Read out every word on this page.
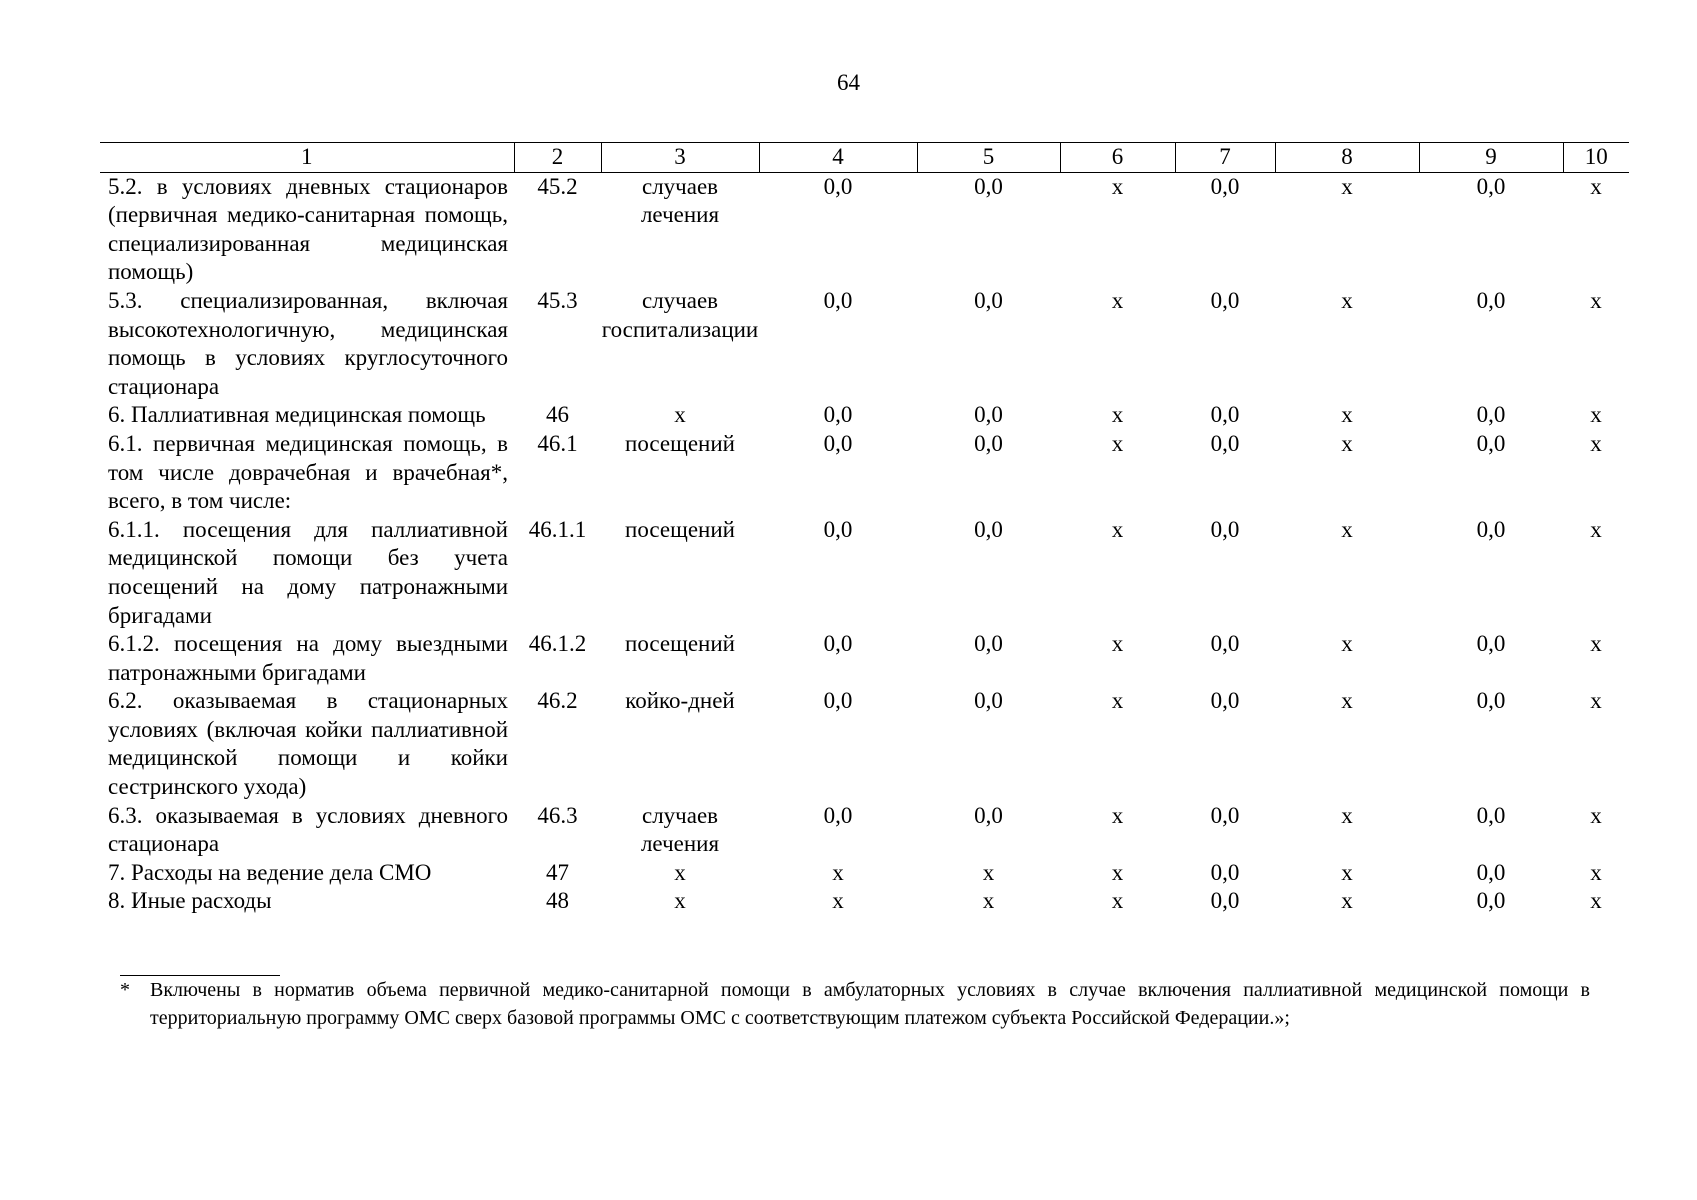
64
1	2	3	4	5	6	7	8	9	10
5.2. в условиях дневных стационаров (первичная медико-санитарная помощь, специализированная медицинская помощь)	45.2	случаев лечения	0,0	0,0	х	0,0	х	0,0	х
5.3. специализированная, включая высокотехнологичную, медицинская помощь в условиях круглосуточного стационара	45.3	случаев госпитализации	0,0	0,0	х	0,0	х	0,0	х
6. Паллиативная медицинская помощь	46	х	0,0	0,0	х	0,0	х	0,0	х
6.1. первичная медицинская помощь, в том числе доврачебная и врачебная*, всего, в том числе:	46.1	посещений	0,0	0,0	х	0,0	х	0,0	х
6.1.1. посещения для паллиативной медицинской помощи без учета посещений на дому патронажными бригадами	46.1.1	посещений	0,0	0,0	х	0,0	х	0,0	х
6.1.2. посещения на дому выездными патронажными бригадами	46.1.2	посещений	0,0	0,0	х	0,0	х	0,0	х
6.2. оказываемая в стационарных условиях (включая койки паллиативной медицинской помощи и койки сестринского ухода)	46.2	койко-дней	0,0	0,0	х	0,0	х	0,0	х
6.3. оказываемая в условиях дневного стационара	46.3	случаев лечения	0,0	0,0	х	0,0	х	0,0	х
7. Расходы на ведение дела СМО	47	х	х	х	х	0,0	х	0,0	х
8. Иные расходы	48	х	х	х	х	0,0	х	0,0	х
* Включены в норматив объема первичной медико-санитарной помощи в амбулаторных условиях в случае включения паллиативной медицинской помощи в территориальную программу ОМС сверх базовой программы ОМС с соответствующим платежом субъекта Российской Федерации.»;
